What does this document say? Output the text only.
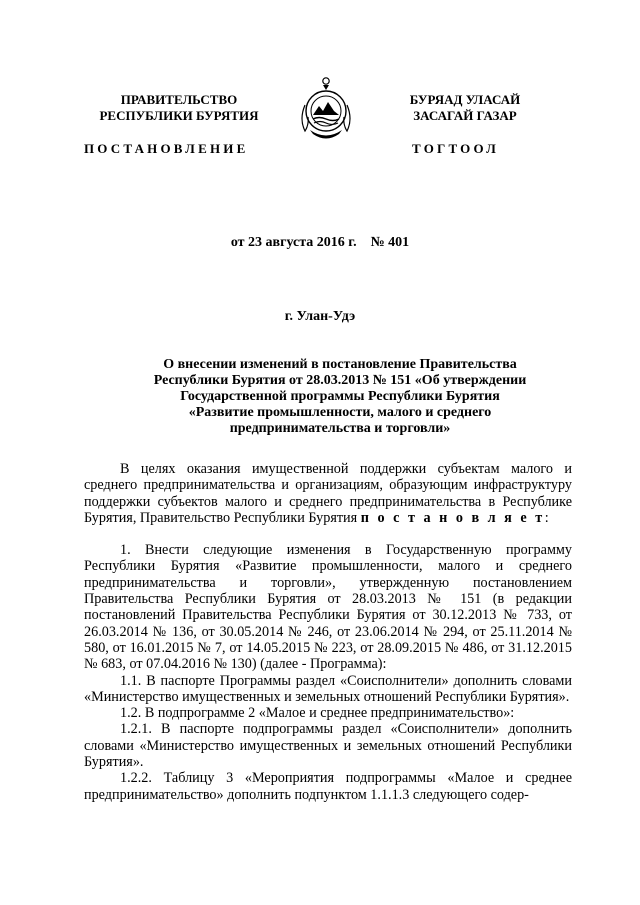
ПРАВИТЕЛЬСТВО
РЕСПУБЛИКИ БУРЯТИЯ
БУРЯАД УЛАСАЙ
ЗАСАГАЙ ГАЗАР
ПОСТАНОВЛЕНИЕ	ТОГТООЛ
от 23 августа 2016 г.    № 401
г. Улан-Удэ
О внесении изменений в постановление Правительства
Республики Бурятия от 28.03.2013 № 151 «Об утверждении
Государственной программы Республики Бурятия
«Развитие промышленности, малого и среднего
предпринимательства и торговли»

В целях оказания имущественной поддержки субъектам малого и среднего предпринимательства и организациям, образующим инфраструктуру поддержки субъектов малого и среднего предпринимательства в Республике Бурятия, Правительство Республики Бурятия п о с т а н о в л я е т:

1. Внести следующие изменения в Государственную программу Республики Бурятия «Развитие промышленности, малого и среднего предпринимательства и торговли», утвержденную постановлением Правительства Республики Бурятия от 28.03.2013 № 151 (в редакции постановлений Правительства Республики Бурятия от 30.12.2013 № 733, от 26.03.2014 № 136, от 30.05.2014 № 246, от 23.06.2014 № 294, от 25.11.2014 № 580, от 16.01.2015 № 7, от 14.05.2015 № 223, от 28.09.2015 № 486, от 31.12.2015 № 683, от 07.04.2016 № 130) (далее - Программа):

1.1. В паспорте Программы раздел «Соисполнители» дополнить словами «Министерство имущественных и земельных отношений Республики Бурятия».

1.2. В подпрограмме 2 «Малое и среднее предпринимательство»:

1.2.1. В паспорте подпрограммы раздел «Соисполнители» дополнить словами «Министерство имущественных и земельных отношений Республики Бурятия».

1.2.2. Таблицу 3 «Мероприятия подпрограммы «Малое и среднее предпринимательство» дополнить подпунктом 1.1.1.3 следующего содер-
